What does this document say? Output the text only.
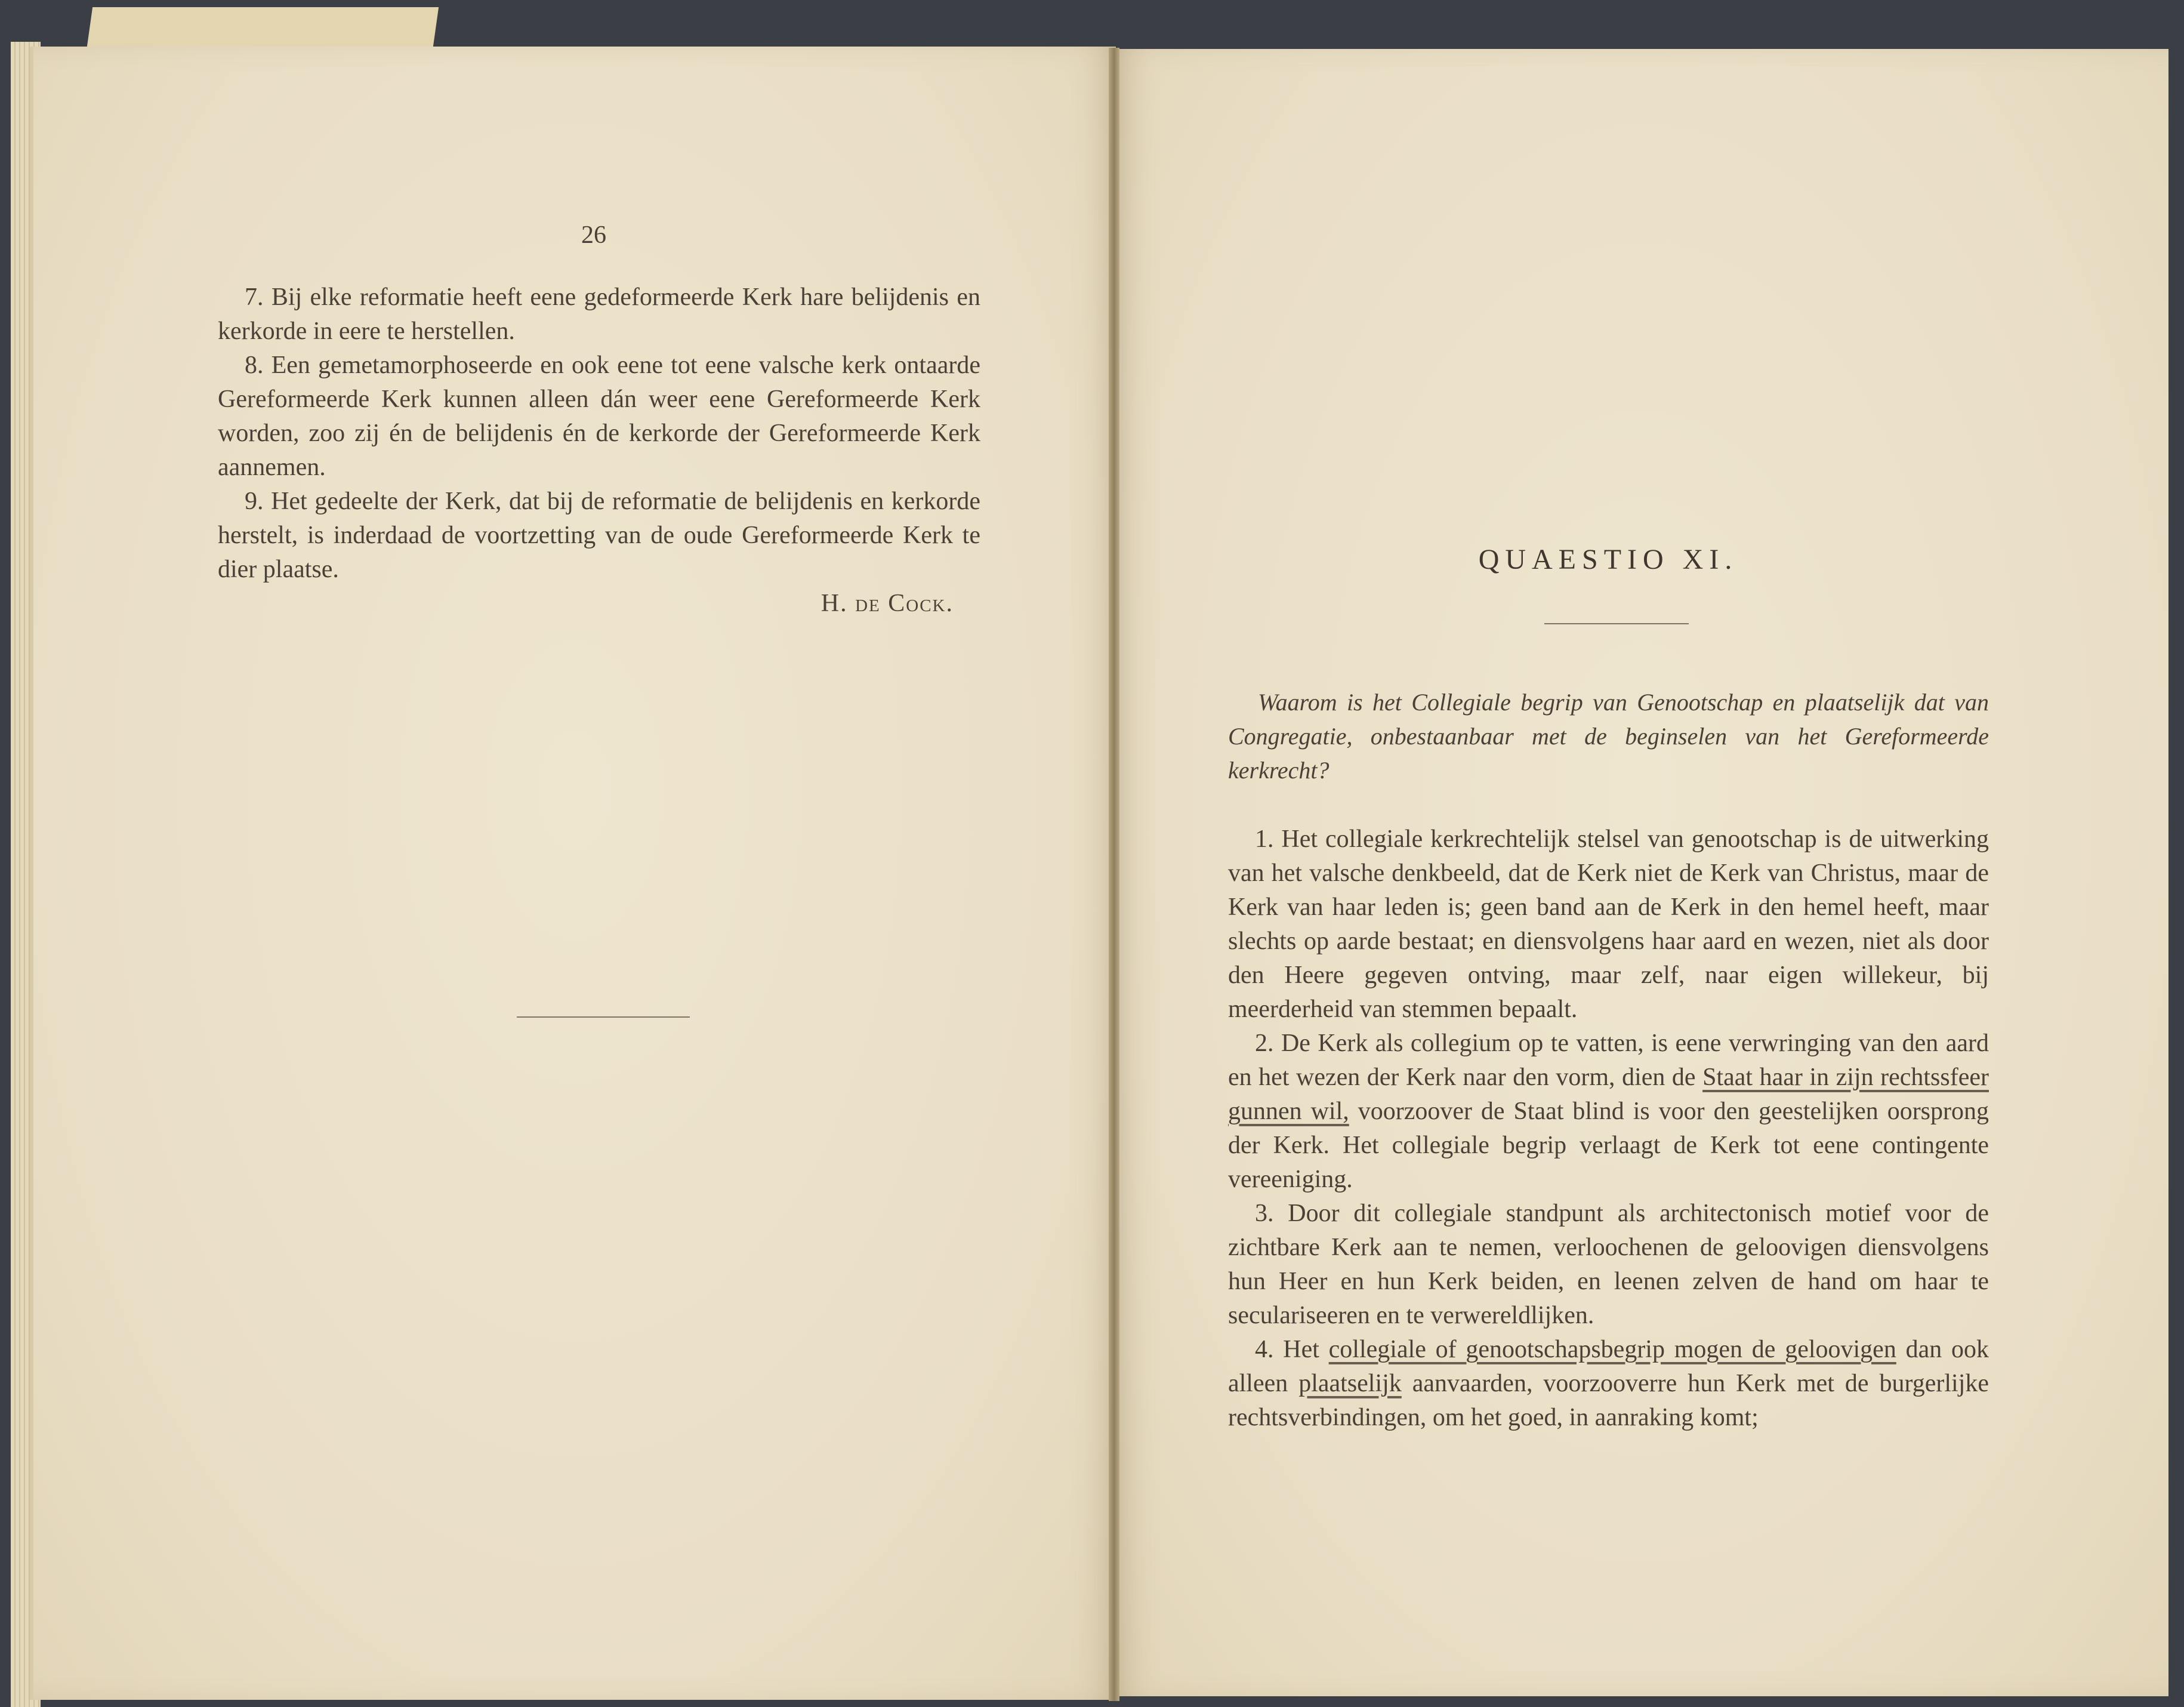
26

7. Bij elke reformatie heeft eene gedeformeerde Kerk hare belijdenis en kerkorde in eere te herstellen.

8. Een gemetamorphoseerde en ook eene tot eene valsche kerk ontaarde Gereformeerde Kerk kunnen alleen dán weer eene Gereformeerde Kerk worden, zoo zij én de belijdenis én de kerkorde der Gereformeerde Kerk aannemen.

9. Het gedeelte der Kerk, dat bij de reformatie de belijdenis en kerkorde herstelt, is inderdaad de voortzetting van de oude Gereformeerde Kerk te dier plaatse.

H. de Cock.

QUAESTIO XI.

Waarom is het Collegiale begrip van Genootschap en plaatselijk dat van Congregatie, onbestaanbaar met de beginselen van het Gereformeerde kerkrecht?

1. Het collegiale kerkrechtelijk stelsel van genootschap is de uitwerking van het valsche denkbeeld, dat de Kerk niet de Kerk van Christus, maar de Kerk van haar leden is; geen band aan de Kerk in den hemel heeft, maar slechts op aarde bestaat; en diensvolgens haar aard en wezen, niet als door den Heere gegeven ontving, maar zelf, naar eigen willekeur, bij meerderheid van stemmen bepaalt.

2. De Kerk als collegium op te vatten, is eene verwringing van den aard en het wezen der Kerk naar den vorm, dien de Staat haar in zijn rechtssfeer gunnen wil, voorzoover de Staat blind is voor den geestelijken oorsprong der Kerk. Het collegiale begrip verlaagt de Kerk tot eene contingente vereeniging.

3. Door dit collegiale standpunt als architectonisch motief voor de zichtbare Kerk aan te nemen, verloochenen de geloovigen diensvolgens hun Heer en hun Kerk beiden, en leenen zelven de hand om haar te seculariseeren en te verwereldlijken.

4. Het collegiale of genootschapsbegrip mogen de geloovigen dan ook alleen plaatselijk aanvaarden, voorzooverre hun Kerk met de burgerlijke rechtsverbindingen, om het goed, in aanraking komt;
